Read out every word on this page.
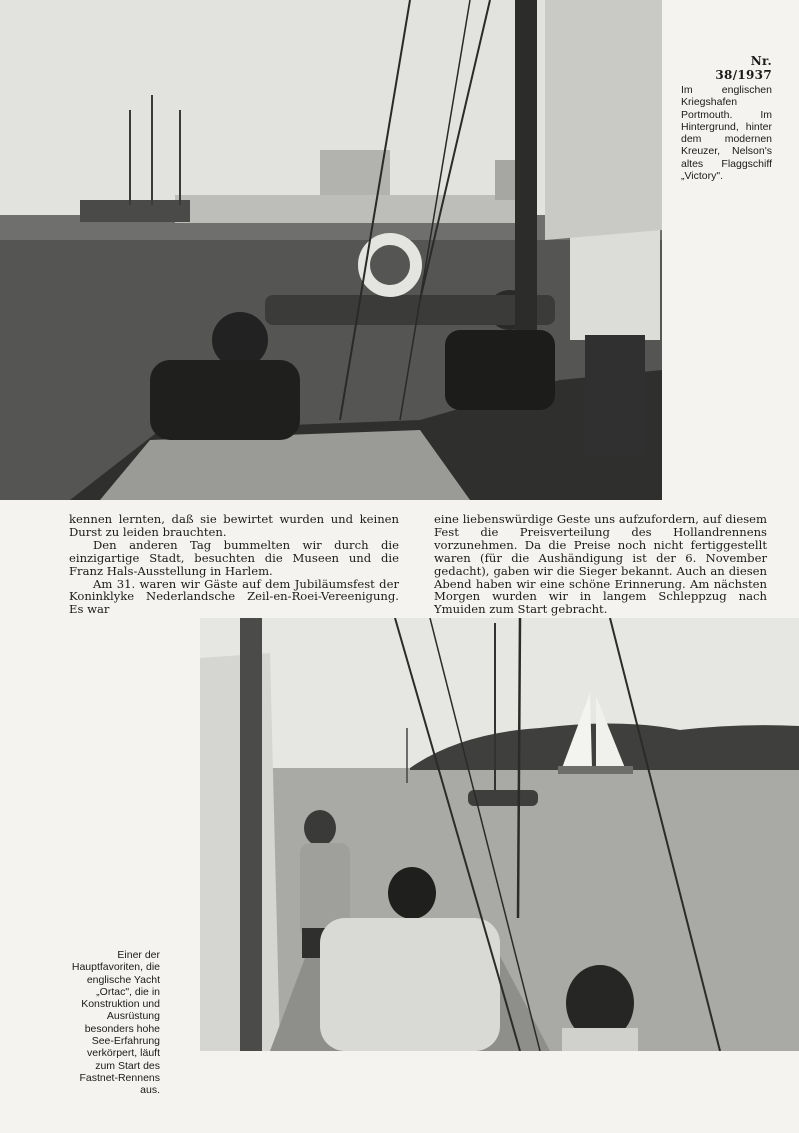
Nr. 38/1937
Im englischen Kriegshafen Portmouth. Im Hintergrund, hinter dem modernen Kreuzer, Nelson's altes Flaggschiff „Victory".

kennen lernten, daß sie bewirtet wurden und keinen Durst zu leiden brauchten.

Den anderen Tag bummelten wir durch die einzigartige Stadt, besuchten die Museen und die Franz Hals-Ausstellung in Harlem.

Am 31. waren wir Gäste auf dem Jubiläumsfest der Koninklyke Nederlandsche Zeil-en-Roei-Vereenigung. Es war

eine liebenswürdige Geste uns aufzufordern, auf diesem Fest die Preisverteilung des Hollandrennens vorzunehmen. Da die Preise noch nicht fertiggestellt waren (für die Aushändigung ist der 6. November gedacht), gaben wir die Sieger bekannt. Auch an diesen Abend haben wir eine schöne Erinnerung. Am nächsten Morgen wurden wir in langem Schleppzug nach Ymuiden zum Start gebracht.

Einer der Hauptfavoriten, die englische Yacht „Ortac", die in Konstruktion und Ausrüstung besonders hohe See-Erfahrung verkörpert, läuft zum Start des Fastnet-Rennens aus.
